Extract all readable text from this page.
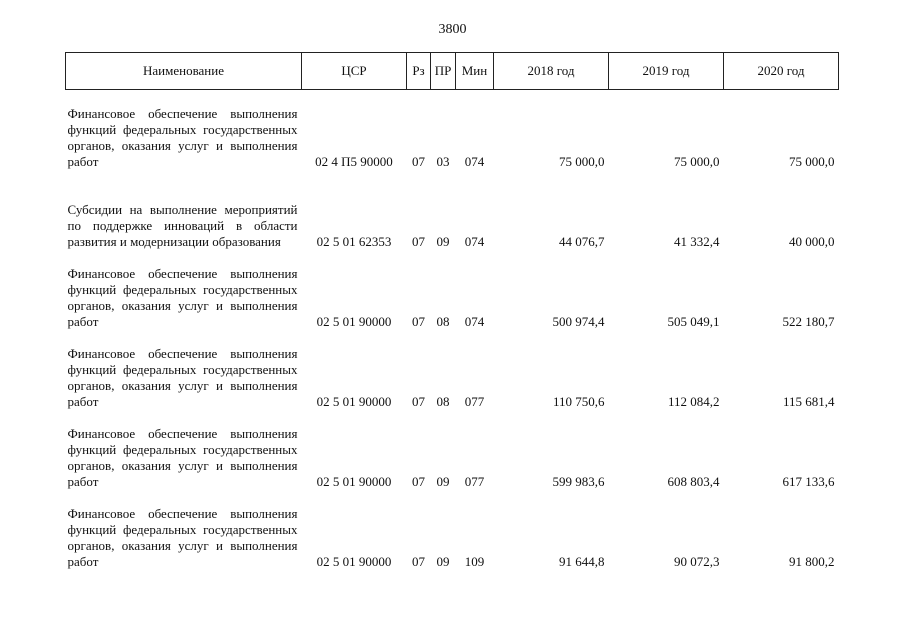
3800
Наименование	ЦСР	Рз	ПР	Мин	2018 год	2019 год	2020 год

Финансовое обеспечение выполнения функций федеральных государственных органов, оказания услуг и выполнения работ	02 4 П5 90000	07	03	074	75 000,0	75 000,0	75 000,0

Субсидии на выполнение мероприятий по поддержке инноваций в области развития и модернизации образования	02 5 01 62353	07	09	074	44 076,7	41 332,4	40 000,0

Финансовое обеспечение выполнения функций федеральных государственных органов, оказания услуг и выполнения работ	02 5 01 90000	07	08	074	500 974,4	505 049,1	522 180,7

Финансовое обеспечение выполнения функций федеральных государственных органов, оказания услуг и выполнения работ	02 5 01 90000	07	08	077	110 750,6	112 084,2	115 681,4

Финансовое обеспечение выполнения функций федеральных государственных органов, оказания услуг и выполнения работ	02 5 01 90000	07	09	077	599 983,6	608 803,4	617 133,6

Финансовое обеспечение выполнения функций федеральных государственных органов, оказания услуг и выполнения работ	02 5 01 90000	07	09	109	91 644,8	90 072,3	91 800,2
